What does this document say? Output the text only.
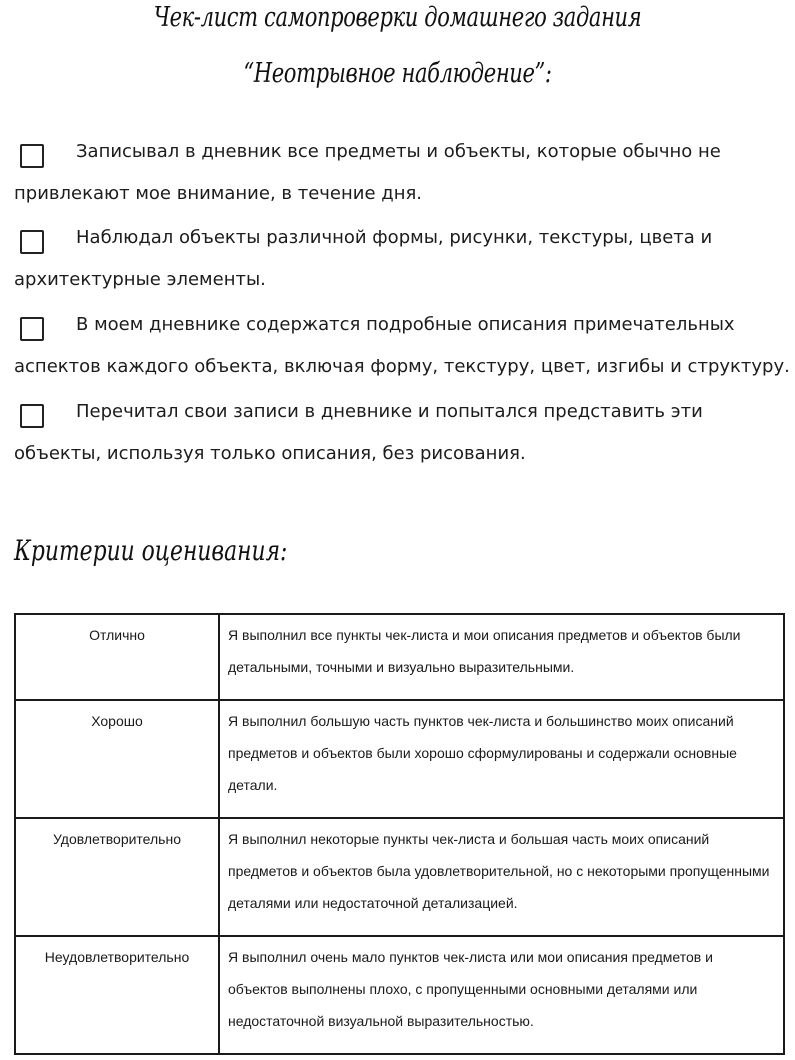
Чек-лист самопроверки домашнего задания
“Неотрывное наблюдение”:
Записывал в дневник все предметы и объекты, которые обычно не
привлекают мое внимание, в течение дня.
Наблюдал объекты различной формы, рисунки, текстуры, цвета и
архитектурные элементы.
В моем дневнике содержатся подробные описания примечательных
аспектов каждого объекта, включая форму, текстуру, цвет, изгибы и структуру.
Перечитал свои записи в дневнике и попытался представить эти
объекты, используя только описания, без рисования.
Критерии оценивания:
Отлично	Я выполнил все пункты чек-листа и мои описания предметов и объектов были детальными, точными и визуально выразительными.
Хорошо	Я выполнил большую часть пунктов чек-листа и большинство моих описаний предметов и объектов были хорошо сформулированы и содержали основные детали.
Удовлетворительно	Я выполнил некоторые пункты чек-листа и большая часть моих описаний предметов и объектов была удовлетворительной, но с некоторыми пропущенными деталями или недостаточной детализацией.
Неудовлетворительно	Я выполнил очень мало пунктов чек-листа или мои описания предметов и объектов выполнены плохо, с пропущенными основными деталями или недостаточной визуальной выразительностью.
